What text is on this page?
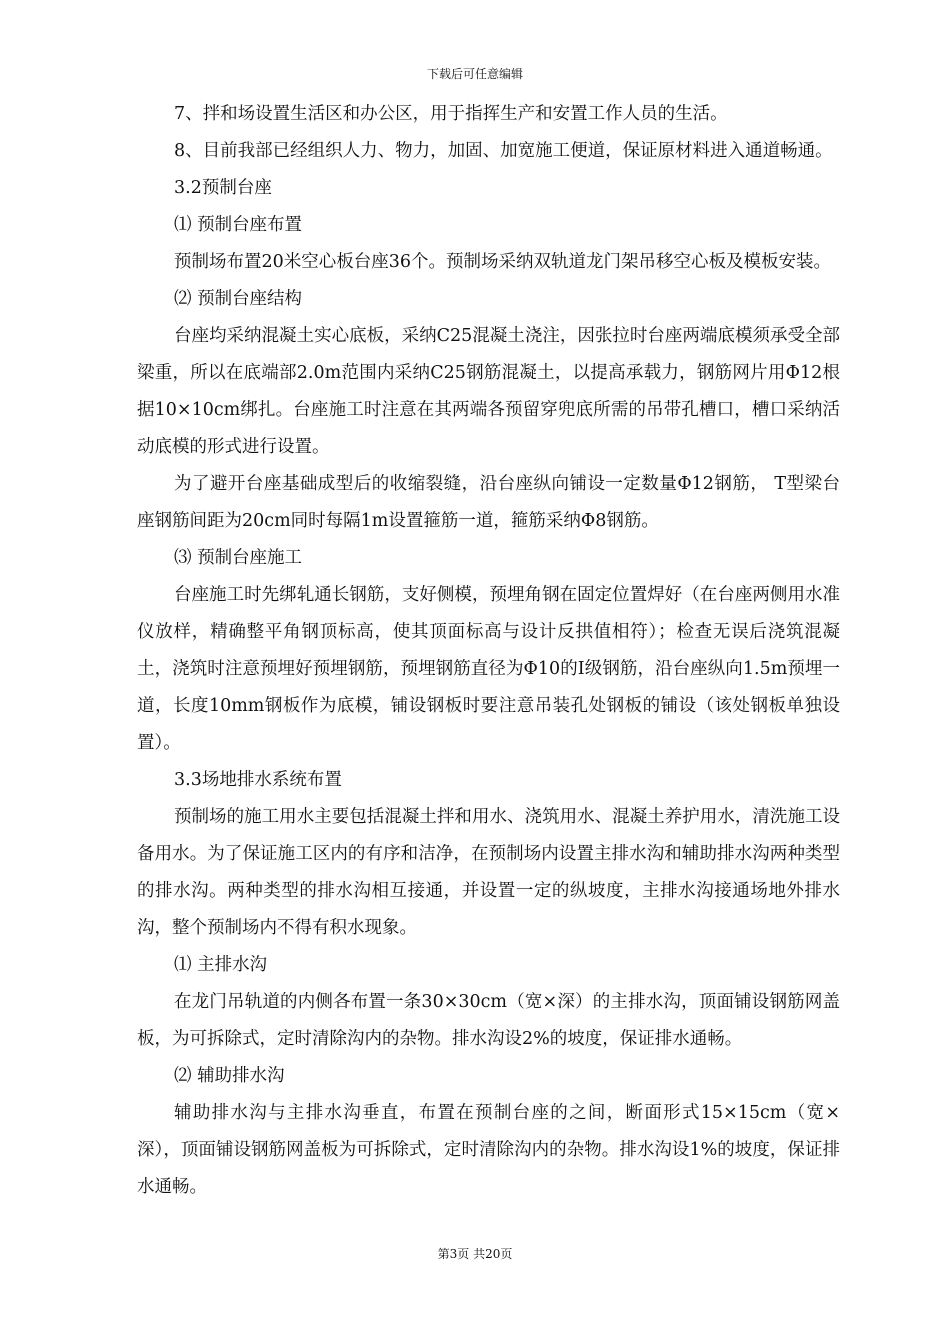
下载后可任意编辑

7、拌和场设置生活区和办公区，用于指挥生产和安置工作人员的生活。

8、目前我部已经组织人力、物力，加固、加宽施工便道，保证原材料进入通道畅通。

3.2预制台座

⑴ 预制台座布置

预制场布置20米空心板台座36个。预制场采纳双轨道龙门架吊移空心板及模板安装。

⑵ 预制台座结构

台座均采纳混凝土实心底板，采纳C25混凝土浇注，因张拉时台座两端底模须承受全部梁重，所以在底端部2.0m范围内采纳C25钢筋混凝土，以提高承载力，钢筋网片用Φ12根据10×10cm绑扎。台座施工时注意在其两端各预留穿兜底所需的吊带孔槽口，槽口采纳活动底模的形式进行设置。

为了避开台座基础成型后的收缩裂缝，沿台座纵向铺设一定数量Φ12钢筋， T型梁台座钢筋间距为20cm同时每隔1m设置箍筋一道，箍筋采纳Φ8钢筋。

⑶ 预制台座施工

台座施工时先绑轧通长钢筋，支好侧模，预埋角钢在固定位置焊好（在台座两侧用水准仪放样，精确整平角钢顶标高，使其顶面标高与设计反拱值相符）；检查无误后浇筑混凝土，浇筑时注意预埋好预埋钢筋，预埋钢筋直径为Φ10的Ⅰ级钢筋，沿台座纵向1.5m预埋一道，长度10mm钢板作为底模，铺设钢板时要注意吊装孔处钢板的铺设（该处钢板单独设置）。

3.3场地排水系统布置

预制场的施工用水主要包括混凝土拌和用水、浇筑用水、混凝土养护用水，清洗施工设备用水。为了保证施工区内的有序和洁净，在预制场内设置主排水沟和辅助排水沟两种类型的排水沟。两种类型的排水沟相互接通，并设置一定的纵坡度，主排水沟接通场地外排水沟，整个预制场内不得有积水现象。

⑴ 主排水沟

在龙门吊轨道的内侧各布置一条30×30cm（宽×深）的主排水沟，顶面铺设钢筋网盖板，为可拆除式，定时清除沟内的杂物。排水沟设2%的坡度，保证排水通畅。

⑵ 辅助排水沟

辅助排水沟与主排水沟垂直，布置在预制台座的之间，断面形式15×15cm（宽×深），顶面铺设钢筋网盖板为可拆除式，定时清除沟内的杂物。排水沟设1%的坡度，保证排水通畅。

第3页 共20页
